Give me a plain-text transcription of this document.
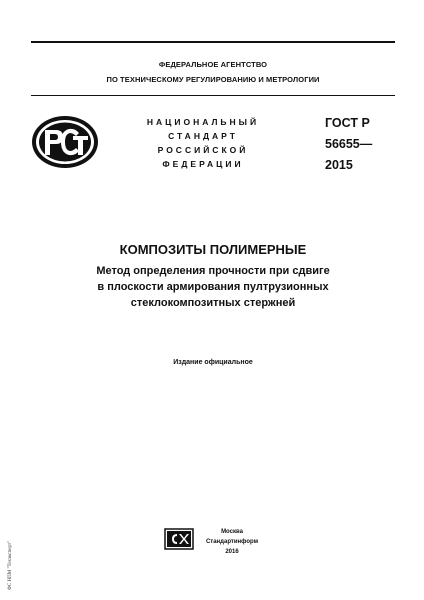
ФЕДЕРАЛЬНОЕ АГЕНТСТВО
ПО ТЕХНИЧЕСКОМУ РЕГУЛИРОВАНИЮ И МЕТРОЛОГИИ
НАЦИОНАЛЬНЫЙ
СТАНДАРТ
РОССИЙСКОЙ
ФЕДЕРАЦИИ
ГОСТ Р
56655—
2015
КОМПОЗИТЫ ПОЛИМЕРНЫЕ
Метод определения прочности при сдвиге
в плоскости армирования пултрузионных
стеклокомпозитных стержней
Издание официальное
Москва
Стандартинформ
2016
ФС НПМ "Техэксперт"
